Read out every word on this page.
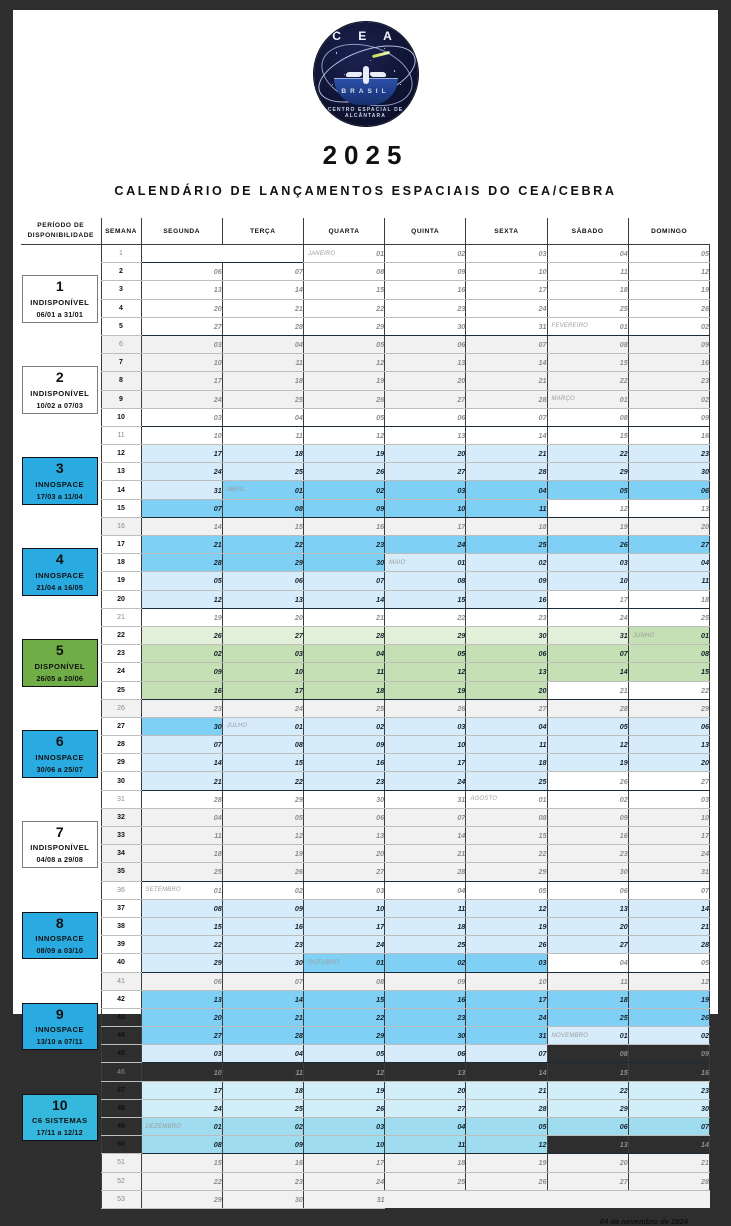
C E A
BRASIL
CENTRO ESPACIAL DE ALCÂNTARA
2025
CALENDÁRIO DE LANÇAMENTOS ESPACIAIS DO CEA/CEBRA
PERÍODO DE
DISPONIBILIDADE	SEMANA	SEGUNDA	TERÇA	QUARTA	QUINTA	SEXTA	SÁBADO	DOMINGO
	1			JANEIRO 01	02	03	04	05

1
INDISPONÍVEL
06/01 a 31/01	2	06	07	08	09	10	11	12
	3	13	14	15	16	17	18	19
	4	20	21	22	23	24	25	26
	5	27	28	29	30	31	FEVEREIRO 01	02
	6	03	04	05	06	07	08	09

2
INDISPONÍVEL
10/02 a 07/03	7	10	11	12	13	14	15	16
	8	17	18	19	20	21	22	23
	9	24	25	26	27	28	MARÇO 01	02
	10	03	04	05	06	07	08	09
	11	10	11	12	13	14	15	16

3
INNOSPACE
17/03 a 11/04	12	17	18	19	20	21	22	23
	13	24	25	26	27	28	29	30
	14	31	ABRIL 01	02	03	04	05	06
	15	07	08	09	10	11	12	13
	16	14	15	16	17	18	19	20

4
INNOSPACE
21/04 a 16/05	17	21	22	23	24	25	26	27
	18	28	29	30	MAIO 01	02	03	04
	19	05	06	07	08	09	10	11
	20	12	13	14	15	16	17	18
	21	19	20	21	22	23	24	25

5
DISPONÍVEL
26/05 a 20/06
	22	26	27	28	29	30	31	JUNHO	01
	23	02	03	04	05	06	07	08
	24	09	10	11	12	13	14	15
	25	16	17	18	19	20	21	22
	26	23	24	25	26	27	28	29

6
INNOSPACE
30/06 a 25/07
	27	30	JULHO	01	02	03	04	05	06
	28	07	08	09	10	11	12	13
	29	14	15	16	17	18	19	20
	30	21	22	23	24	25	26	27
	31	28	29	30	31	AGOSTO 01	02	03

7
INDISPONÍVEL
04/08 a 29/08	32	04	05	06	07	08	09	10
	33	11	12	13	14	15	16	17
	34	18	19	20	21	22	23	24
	35	25	26	27	28	29	30	31
	36	SETEMBRO 01	02	03	04	05	06	07

8
INNOSPACE
08/09 a 03/10	37	08	09	10	11	12	13	14
	38	15	16	17	18	19	20	21
	39	22	23	24	25	26	27	28
	40	29	30	OUTUBRO 01	02	03	04	05
	41	06	07	08	09	10	11	12

9
INNOSPACE
13/10 a 07/11	42	13	14	15	16	17	18	19
	43	20	21	22	23	24	25	26
	44	27	28	29	30	31	NOVEMBRO 01	02
	45	03	04	05	06	07	08	09
	46	10	11	12	13	14	15	16

10
C6 SISTEMAS
17/11 a 12/12	47	17	18	19	20	21	22	23
	48	24	25	26	27	28	29	30
	49	DEZEMBRO 01	02	03	04	05	06	07
	50	08	09	10	11	12	13	14
	51	15	16	17	18	19	20	21
	52	22	23	24	25	26	27	28
	53	29	30	31				
04 de novembro de 2024
